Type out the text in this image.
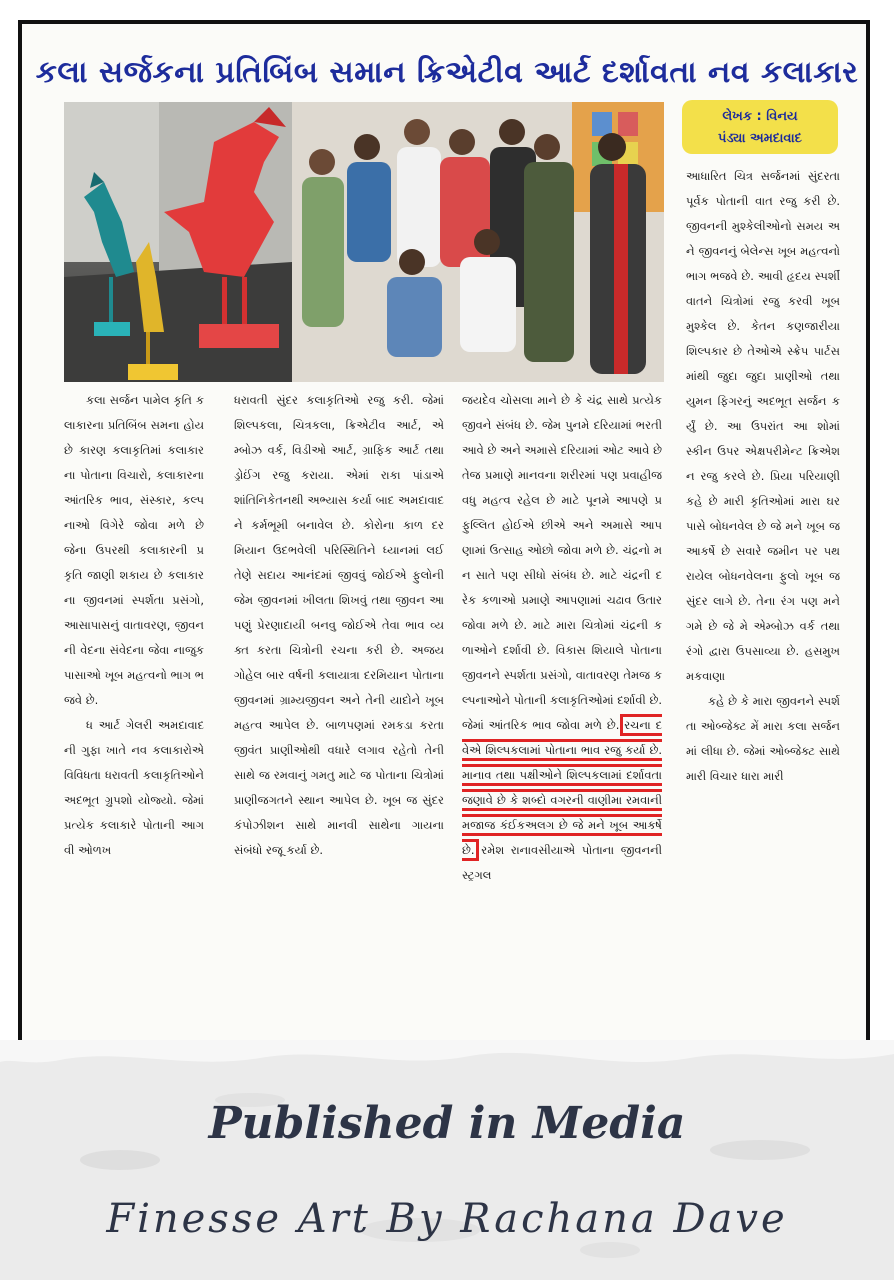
કલા સર્જકના પ્રતિબિંબ સમાન ક્રિએટીવ આર્ટ દર્શાવતા નવ કલાકાર
લેખક : વિનય
પંડ્યા અમદાવાદ

કલા સર્જન પામેલ કૃતિ કલાકારના પ્રતિબિંબ સમના હોય છે કારણ કલાકૃતિમાં કલાકારના પોતાના વિચારો, કલાકારના આંતરિક ભાવ, સંસ્કાર, કલ્પનાઓ વિગેરે જોવા મળે છે જેના ઉપરથી કલાકારની પ્રકૃતિ જાણી શકાય છે કલાકારના જીવનમાં સ્પર્શતા પ્રસંગો, આસાપાસનું વાતાવરણ, જીવનની વેદના સંવેદના જેવા નાજુક પાસાઓ ખૂબ મહત્વનો ભાગ ભજવે છે.

ધ આર્ટ ગેલરી અમદાવાદની ગુફા ખાતે નવ કલાકારોએ વિવિધતા ધરાવતી કલાકૃતિઓને અદભૂત ગ્રુપશો યોજ્યો. જેમાં પ્રત્યેક કલાકારે પોતાની આગવી ઓળખ

ધરાવતી સુંદર કલાકૃતિઓ રજુ કરી. જેમાં શિલ્પકલા, ચિત્રકલા, ક્રિએટીવ આર્ટ, એમ્બોઝ વર્ક, વિડીઓ આર્ટ, ગ્રાફિક આર્ટ તથા ડ્રોઈંગ રજુ કરાયા. એમાં રાકા પાંડાએ શાંતિનિકેતનથી અભ્યાસ કર્યા બાદ અમદાવાદને કર્મભૂમી બનાવેલ છે. કોરોના કાળ દરમિયાન ઉદભવેલી પરિસ્થિતિને ધ્યાનમાં લઈ તેણે સદાય આનંદમાં જીવવું જોઈએ ફુલોની જેમ જીવનમાં ખીલતા શિખવું તથા જીવન આપણું પ્રેરણાદાયી બનવુ જોઈએ તેવા ભાવ વ્યક્ત કરતા ચિત્રોની રચના કરી છે. અજય ગોહેલ બાર વર્ષની કલાયાત્રા દરમિયાન પોતાના જીવનમાં ગ્રામ્યજીવન અને તેની યાદોને ખૂબ મહત્વ આપેલ છે. બાળપણમાં રમકડા કરતા જીવંત પ્રાણીઓથી વધારે લગાવ રહેતો તેની સાથે જ રમવાનું ગમતુ માટે જ પોતાના ચિત્રોમાં પ્રાણીજગતને સ્થાન આપેલ છે. ખૂબ જ સુંદર કંપોઝીશન સાથે માનવી સાથેના ગાયના સંબંધો રજૂ કર્યા છે.

જયદેવ ચોસલા માને છે કે ચંદ્ર સાથે પ્રત્યેક જીવને સંબંધ છે. જેમ પુનમે દરિયામાં ભરતી આવે છે અને અમાસે દરિયામાં ઓટ આવે છે તેજ પ્રમાણે માનવના શરીરમાં પણ પ્રવાહીજ વધુ મહત્વ રહેલ છે માટે પૂનમે આપણે પ્રફુલ્લિત હોઈએ છીએ અને અમાસે આપણામાં ઉત્સાહ ઓછો જોવા મળે છે. ચંદ્રનો મન સાતે પણ સીધો સંબંધ છે. માટે ચંદ્રની દરેક કળાઓ પ્રમાણે આપણામાં ચઢાવ ઉતાર જોવા મળે છે. માટે મારા ચિત્રોમાં ચંદ્રની કળાઓને દર્શાવી છે. વિકાસ શિયાલે પોતાના જીવનને સ્પર્શતા પ્રસંગો, વાતાવરણ તેમજ કલ્પનાઓને પોતાની કલાકૃતિઓમાં દર્શાવી છે. જેમાં આંતરિક ભાવ જોવા મળે છે. રચના દવેએ શિલ્પકલામાં પોતાના ભાવ રજુ કર્યા છે. માનાવ તથા પક્ષીઓને શિલ્પકલામાં દર્શાવતા જણાવે છે કે શબ્દો વગરની વાણીમા રમવાની મજાજ કંઈકઅલગ છે જે મને ખૂબ આકર્ષે છે. રમેશ રાનાવસીયાએ પોતાના જીવનની સ્ટ્રગલ

આધારિત ચિત્ર સર્જનમાં સુંદરતા પૂર્વક પોતાની વાત રજુ કરી છે. જીવનની મુશ્કેલીઓનો સમય અને જીવનનું બેલેન્સ ખૂબ મહત્વનો ભાગ ભજવે છે. આવી હૃદય સ્પર્શી વાતને ચિત્રોમાં રજુ કરવી ખૂબ મુશ્કેલ છે. કેતન કણજારીયા શિલ્પકાર છે તેઓએ સ્ક્રેપ પાર્ટસમાંથી જુદા જુદા પ્રાણીઓ તથા યુમન ફિગરનું અદભૂત સર્જન કર્યું છે. આ ઉપરાંત આ શોમાં સ્કીન ઉપર એક્ષપરીમેન્ટ ક્રિએશન રજુ કરલે છે. પ્રિયા પરિયાણી કહે છે મારી કૃતિઓમાં મારા ઘર પાસે બોધનવેલ છે જે મને ખૂબ જ આકર્ષે છે સવારે જમીન પર પથરાયેલ બોધનવેલના ફુલો ખૂબ જ સુંદર લાગે છે. તેના રંગ પણ મને ગમે છે જે મે એમ્બોઝ વર્ક તથા રંગો દ્વારા ઉપસાવ્યા છે. હસમુખ મકવાણા

કહે છે કે મારા જીવનને સ્પર્શતા ઓબ્જેક્ટ મેં મારા કલા સર્જનમાં લીધા છે. જેમાં ઓબ્જેક્ટ સાથે મારી વિચાર ધારા મારી

Published in Media
Finesse Art By Rachana Dave
